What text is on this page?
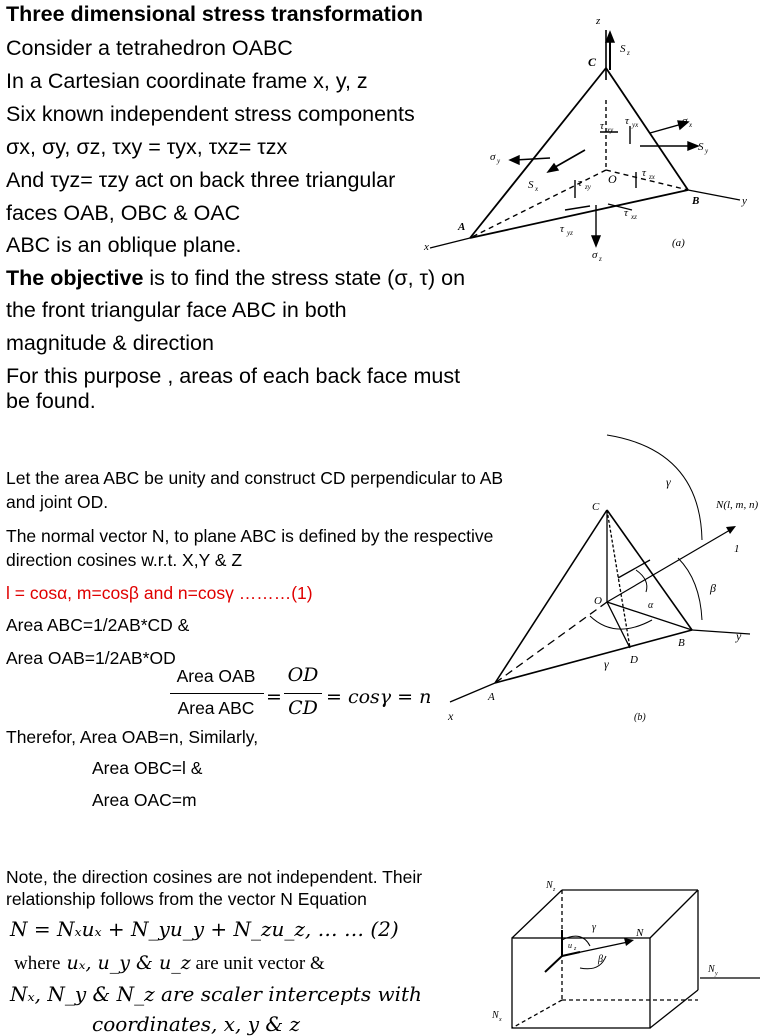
Three dimensional stress transformation
Consider a tetrahedron OABC
In a Cartesian coordinate frame x, y, z
Six known independent stress components
σx, σy, σz, τxy = τyx, τxz= τzx
And τyz= τzy act on back three triangular
faces OAB, OBC & OAC
ABC is an oblique plane.
The objective is to find the stress state (σ, τ) on
the front triangular face ABC in both
magnitude & direction
For this purpose , areas of each back face must
be found.
z
S z
C
σ x
τ xy
τ yx
S y
σ y
S x	τ zy
O τ zx
B	y
A	τ yz
τ xz
x
σ z
(a)
Let the area ABC be unity and construct CD perpendicular to AB
and joint OD.
The normal vector N, to plane ABC is defined by the respective
direction cosines w.r.t. X,Y & Z
l = cosα, m=cosβ and n=cosγ ………(1)
Area ABC=1/2AB*CD &
Area OAB=1/2AB*OD
Area OAB
Area ABC =
OD
CD = cosγ = n
Therefor, Area OAB=n, Similarly,
Area OBC=l &
Area OAC=m
γ
N(l, m, n)
C
1
β
α
O
B	y
D
γ
A
x	(b)
Note, the direction cosines are not independent. Their
relationship follows from the vector N Equation
N = Nₓuₓ + N_yu_y + N_zu_z, … … (2)
where uₓ, u_y & u_z are unit vector &
Nₓ, N_y & N_z are scaler intercepts with
coordinates, x, y & z
N z
γ
u z
N
β
N y
N x
